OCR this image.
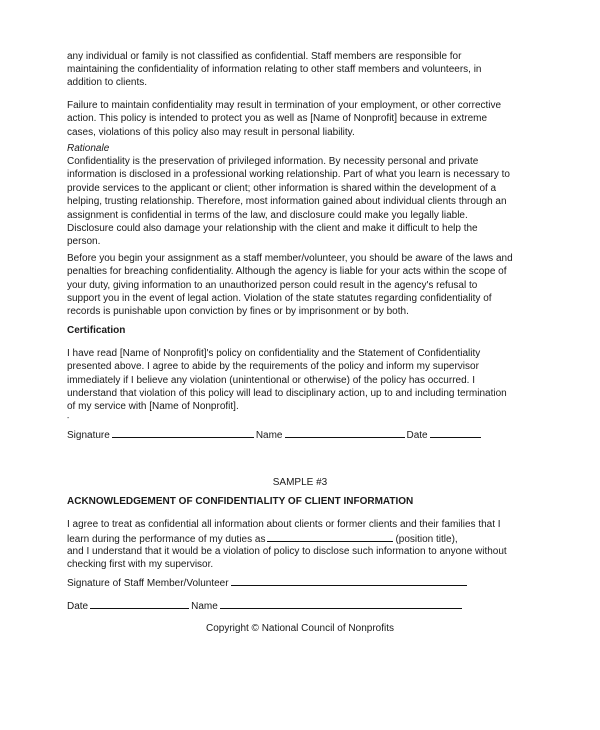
any individual or family is not classified as confidential. Staff members are responsible for
maintaining the confidentiality of information relating to other staff members and volunteers, in
addition to clients.
Failure to maintain confidentiality may result in termination of your employment, or other corrective
action. This policy is intended to protect you as well as [Name of Nonprofit] because in extreme
cases, violations of this policy also may result in personal liability.
Rationale
Confidentiality is the preservation of privileged information. By necessity personal and private
information is disclosed in a professional working relationship. Part of what you learn is necessary to
provide services to the applicant or client; other information is shared within the development of a
helping, trusting relationship. Therefore, most information gained about individual clients through an
assignment is confidential in terms of the law, and disclosure could make you legally liable.
Disclosure could also damage your relationship with the client and make it difficult to help the
person.
Before you begin your assignment as a staff member/volunteer, you should be aware of the laws and
penalties for breaching confidentiality. Although the agency is liable for your acts within the scope of
your duty, giving information to an unauthorized person could result in the agency's refusal to
support you in the event of legal action. Violation of the state statutes regarding confidentiality of
records is punishable upon conviction by fines or by imprisonment or by both.
Certification
I have read [Name of Nonprofit]'s policy on confidentiality and the Statement of Confidentiality
presented above. I agree to abide by the requirements of the policy and inform my supervisor
immediately if I believe any violation (unintentional or otherwise) of the policy has occurred. I
understand that violation of this policy will lead to disciplinary action, up to and including termination
of my service with [Name of Nonprofit].
-
Signature	Name	Date
SAMPLE #3
ACKNOWLEDGEMENT OF CONFIDENTIALITY OF CLIENT INFORMATION
I agree to treat as confidential all information about clients or former clients and their families that I
learn during the performance of my duties as	(position title),
and I understand that it would be a violation of policy to disclose such information to anyone without
checking first with my supervisor.
Signature of Staff Member/Volunteer
Date	Name
Copyright © National Council of Nonprofits
